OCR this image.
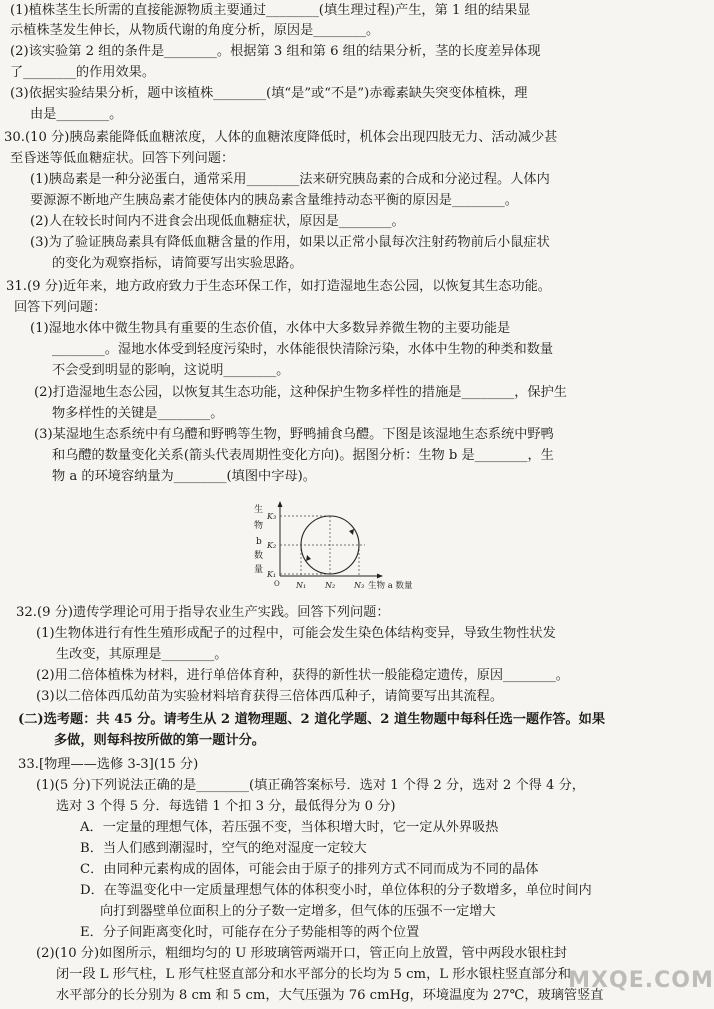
(1)植株茎生长所需的直接能源物质主要通过________(填生理过程)产生，第 1 组的结果显
示植株茎发生伸长，从物质代谢的角度分析，原因是________。
(2)该实验第 2 组的条件是________。根据第 3 组和第 6 组的结果分析，茎的长度差异体现
了________的作用效果。
(3)依据实验结果分析，题中该植株________(填“是”或“不是”)赤霉素缺失突变体植株，理
由是________。
30.(10 分)胰岛素能降低血糖浓度，人体的血糖浓度降低时，机体会出现四肢无力、活动减少甚
至昏迷等低血糖症状。回答下列问题：
(1)胰岛素是一种分泌蛋白，通常采用________法来研究胰岛素的合成和分泌过程。人体内
要源源不断地产生胰岛素才能使体内的胰岛素含量维持动态平衡的原因是________。
(2)人在较长时间内不进食会出现低血糖症状，原因是________。
(3)为了验证胰岛素具有降低血糖含量的作用，如果以正常小鼠每次注射药物前后小鼠症状
的变化为观察指标，请简要写出实验思路。
31.(9 分)近年来，地方政府致力于生态环保工作，如打造湿地生态公园，以恢复其生态功能。
回答下列问题：
(1)湿地水体中微生物具有重要的生态价值，水体中大多数异养微生物的主要功能是
________。湿地水体受到轻度污染时，水体能很快清除污染，水体中生物的种类和数量
不会受到明显的影响，这说明________。
(2)打造湿地生态公园，以恢复其生态功能，这种保护生物多样性的措施是________，保护生
物多样性的关键是________。
(3)某湿地生态系统中有乌醴和野鸭等生物，野鸭捕食乌醴。下图是该湿地生态系统中野鸭
和乌醴的数量变化关系(箭头代表周期性变化方向)。据图分析：生物 b 是________，生
物 a 的环境容纳量为________(填图中字母)。
生
物
b
数
量
K₃
K₂
K₁
N₁ N₂ N₃
O	生物 a 数量
32.(9 分)遗传学理论可用于指导农业生产实践。回答下列问题：
(1)生物体进行有性生殖形成配子的过程中，可能会发生染色体结构变异，导致生物性状发
生改变，其原理是________。
(2)用二倍体植株为材料，进行单倍体育种，获得的新性状一般能稳定遗传，原因________。
(3)以二倍体西瓜幼苗为实验材料培育获得三倍体西瓜种子，请简要写出其流程。
(二)选考题：共 45 分。请考生从 2 道物理题、2 道化学题、2 道生物题中每科任选一题作答。如果
多做，则每科按所做的第一题计分。
33.[物理——选修 3-3](15 分)
(1)(5 分)下列说法正确的是________(填正确答案标号．选对 1 个得 2 分，选对 2 个得 4 分，
选对 3 个得 5 分．每选错 1 个扣 3 分，最低得分为 0 分)
A．一定量的理想气体，若压强不变，当体积增大时，它一定从外界吸热
B．当人们感到潮湿时，空气的绝对湿度一定较大
C．由同种元素构成的固体，可能会由于原子的排列方式不同而成为不同的晶体
D．在等温变化中一定质量理想气体的体积变小时，单位体积的分子数增多，单位时间内
向打到器壁单位面积上的分子数一定增多，但气体的压强不一定增大
E．分子间距离变化时，可能存在分子势能相等的两个位置
(2)(10 分)如图所示，粗细均匀的 U 形玻璃管两端开口，管正向上放置，管中两段水银柱封
闭一段 L 形气柱，L 形气柱竖直部分和水平部分的长均为 5 cm，L 形水银柱竖直部分和
水平部分的长分别为 8 cm 和 5 cm，大气压强为 76 cmHg，环境温度为 27℃，玻璃管竖直
MXQE.COM
